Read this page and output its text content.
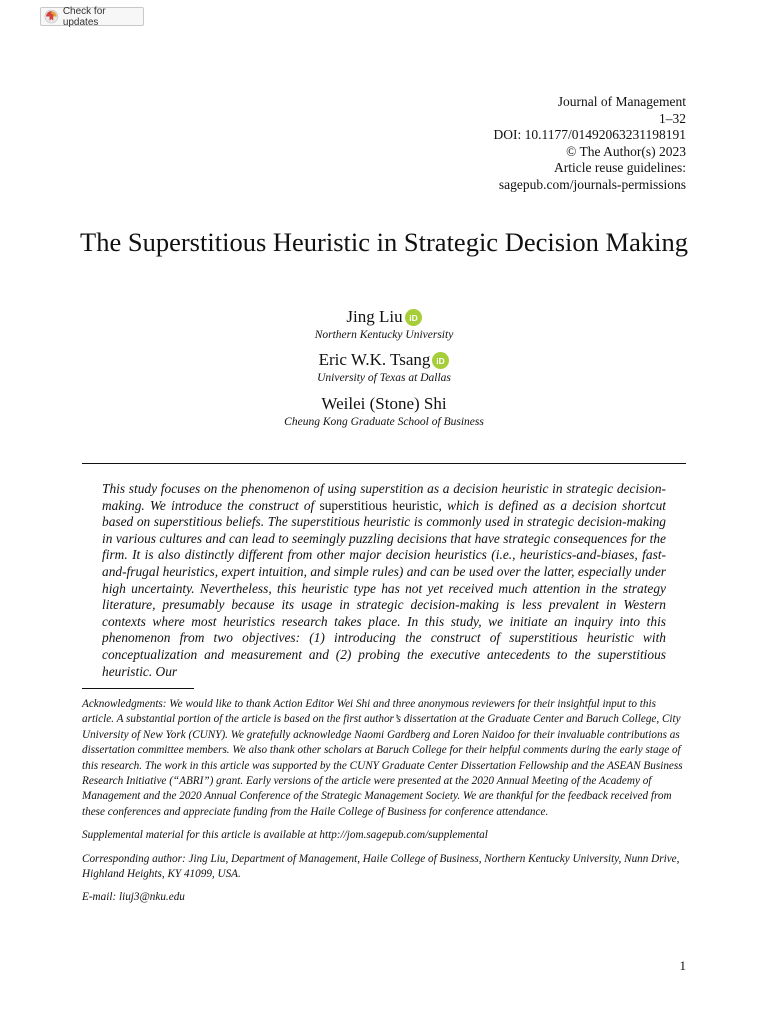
Check for updates
Journal of Management
1–32
DOI: 10.1177/01492063231198191
© The Author(s) 2023
Article reuse guidelines:
sagepub.com/journals-permissions
The Superstitious Heuristic in Strategic Decision Making
Jing Liu iD
Northern Kentucky University
Eric W.K. Tsang iD
University of Texas at Dallas
Weilei (Stone) Shi
Cheung Kong Graduate School of Business
This study focuses on the phenomenon of using superstition as a decision heuristic in strategic decision-making. We introduce the construct of superstitious heuristic, which is defined as a decision shortcut based on superstitious beliefs. The superstitious heuristic is commonly used in strategic decision-making in various cultures and can lead to seemingly puzzling decisions that have strategic consequences for the firm. It is also distinctly different from other major decision heuristics (i.e., heuristics-and-biases, fast-and-frugal heuristics, expert intuition, and simple rules) and can be used over the latter, especially under high uncertainty. Nevertheless, this heuristic type has not yet received much attention in the strategy literature, presumably because its usage in strategic decision-making is less prevalent in Western contexts where most heuristics research takes place. In this study, we initiate an inquiry into this phenomenon from two objectives: (1) introducing the construct of superstitious heuristic with conceptualization and measurement and (2) probing the executive antecedents to the superstitious heuristic. Our

Acknowledgments: We would like to thank Action Editor Wei Shi and three anonymous reviewers for their insightful input to this article. A substantial portion of the article is based on the first author’s dissertation at the Graduate Center and Baruch College, City University of New York (CUNY). We gratefully acknowledge Naomi Gardberg and Loren Naidoo for their invaluable contributions as dissertation committee members. We also thank other scholars at Baruch College for their helpful comments during the early stage of this research. The work in this article was supported by the CUNY Graduate Center Dissertation Fellowship and the ASEAN Business Research Initiative (“ABRI”) grant. Early versions of the article were presented at the 2020 Annual Meeting of the Academy of Management and the 2020 Annual Conference of the Strategic Management Society. We are thankful for the feedback received from these conferences and appreciate funding from the Haile College of Business for conference attendance.

Supplemental material for this article is available at http://jom.sagepub.com/supplemental

Corresponding author: Jing Liu, Department of Management, Haile College of Business, Northern Kentucky University, Nunn Drive, Highland Heights, KY 41099, USA.

E-mail: liuj3@nku.edu

1
